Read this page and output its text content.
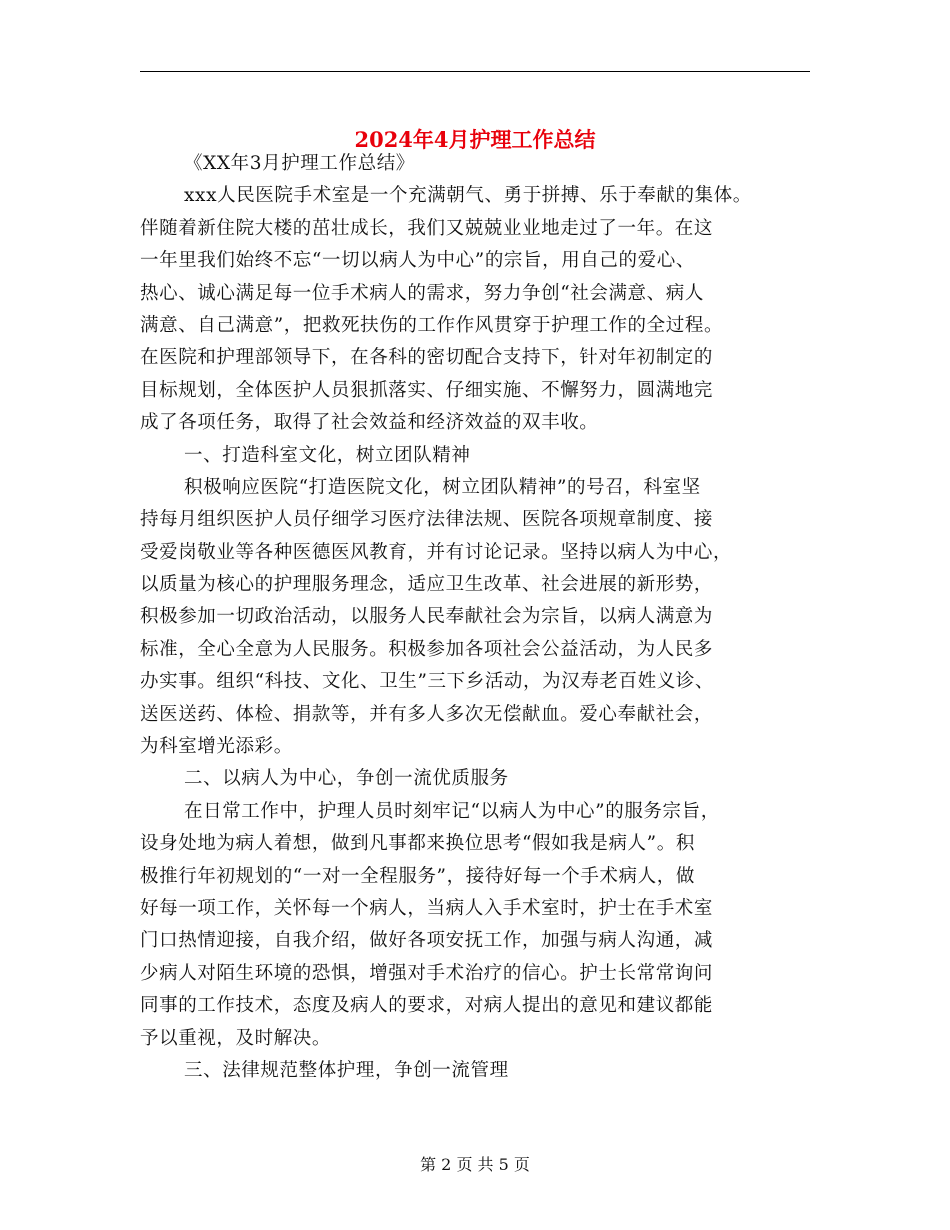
2024年4月护理工作总结
《XX年3月护理工作总结》
xxx人民医院手术室是一个充满朝气、勇于拼搏、乐于奉献的集体。
伴随着新住院大楼的茁壮成长，我们又兢兢业业地走过了一年。在这
一年里我们始终不忘“一切以病人为中心”的宗旨，用自己的爱心、
热心、诚心满足每一位手术病人的需求，努力争创“社会满意、病人
满意、自己满意”，把救死扶伤的工作作风贯穿于护理工作的全过程。
在医院和护理部领导下，在各科的密切配合支持下，针对年初制定的
目标规划，全体医护人员狠抓落实、仔细实施、不懈努力，圆满地完
成了各项任务，取得了社会效益和经济效益的双丰收。
一、打造科室文化，树立团队精神
积极响应医院“打造医院文化，树立团队精神”的号召，科室坚
持每月组织医护人员仔细学习医疗法律法规、医院各项规章制度、接
受爱岗敬业等各种医德医风教育，并有讨论记录。坚持以病人为中心，
以质量为核心的护理服务理念，适应卫生改革、社会进展的新形势，
积极参加一切政治活动，以服务人民奉献社会为宗旨，以病人满意为
标准，全心全意为人民服务。积极参加各项社会公益活动，为人民多
办实事。组织“科技、文化、卫生”三下乡活动，为汉寿老百姓义诊、
送医送药、体检、捐款等，并有多人多次无偿献血。爱心奉献社会，
为科室增光添彩。
二、以病人为中心，争创一流优质服务
在日常工作中，护理人员时刻牢记“以病人为中心”的服务宗旨，
设身处地为病人着想，做到凡事都来换位思考“假如我是病人”。积
极推行年初规划的“一对一全程服务”，接待好每一个手术病人，做
好每一项工作，关怀每一个病人，当病人入手术室时，护士在手术室
门口热情迎接，自我介绍，做好各项安抚工作，加强与病人沟通，减
少病人对陌生环境的恐惧，增强对手术治疗的信心。护士长常常询问
同事的工作技术，态度及病人的要求，对病人提出的意见和建议都能
予以重视，及时解决。
三、法律规范整体护理，争创一流管理
第 2 页 共 5 页
